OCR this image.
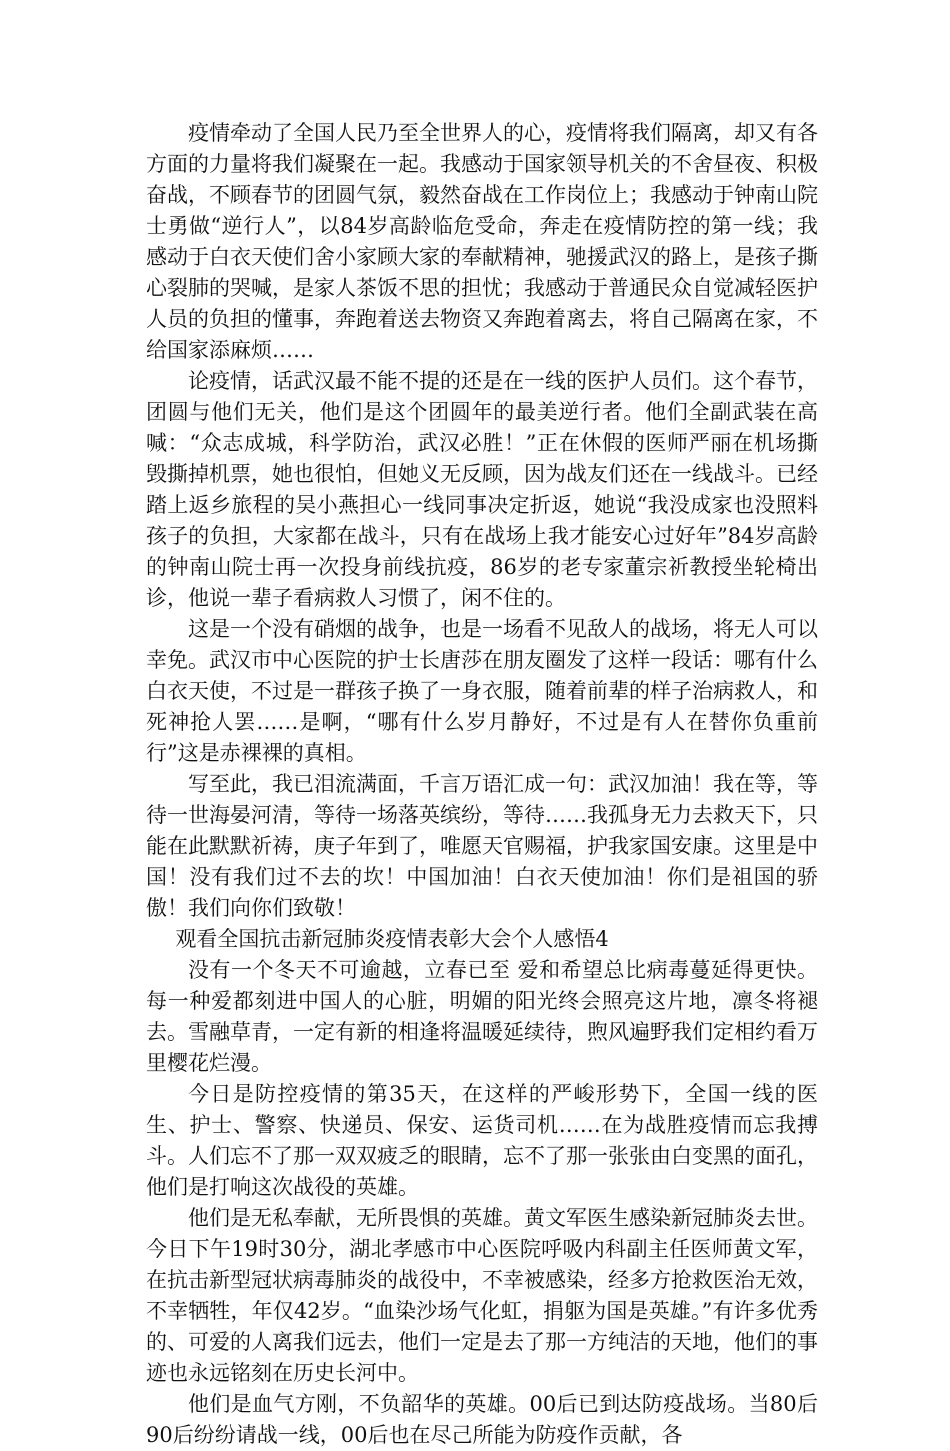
疫情牵动了全国人民乃至全世界人的心，疫情将我们隔离，却又有各方面的力量将我们凝聚在一起。我感动于国家领导机关的不舍昼夜、积极奋战，不顾春节的团圆气氛，毅然奋战在工作岗位上；我感动于钟南山院士勇做“逆行人”，以84岁高龄临危受命，奔走在疫情防控的第一线；我感动于白衣天使们舍小家顾大家的奉献精神，驰援武汉的路上，是孩子撕心裂肺的哭喊，是家人茶饭不思的担忧；我感动于普通民众自觉减轻医护人员的负担的懂事，奔跑着送去物资又奔跑着离去，将自己隔离在家，不给国家添麻烦……

论疫情，话武汉最不能不提的还是在一线的医护人员们。这个春节，团圆与他们无关，他们是这个团圆年的最美逆行者。他们全副武装在高喊：“众志成城，科学防治，武汉必胜！”正在休假的医师严丽在机场撕毁撕掉机票，她也很怕，但她义无反顾，因为战友们还在一线战斗。已经踏上返乡旅程的吴小燕担心一线同事决定折返，她说“我没成家也没照料孩子的负担，大家都在战斗，只有在战场上我才能安心过好年”84岁高龄的钟南山院士再一次投身前线抗疫，86岁的老专家董宗祈教授坐轮椅出诊，他说一辈子看病救人习惯了，闲不住的。

这是一个没有硝烟的战争，也是一场看不见敌人的战场，将无人可以幸免。武汉市中心医院的护士长唐莎在朋友圈发了这样一段话：哪有什么白衣天使，不过是一群孩子换了一身衣服，随着前辈的样子治病救人，和死神抢人罢……是啊，“哪有什么岁月静好，不过是有人在替你负重前行”这是赤裸裸的真相。

写至此，我已泪流满面，千言万语汇成一句：武汉加油！我在等，等待一世海晏河清，等待一场落英缤纷，等待……我孤身无力去救天下，只能在此默默祈祷，庚子年到了，唯愿天官赐福，护我家国安康。这里是中国！没有我们过不去的坎！中国加油！白衣天使加油！你们是祖国的骄傲！我们向你们致敬！

观看全国抗击新冠肺炎疫情表彰大会个人感悟4

没有一个冬天不可逾越，立春已至 爱和希望总比病毒蔓延得更快。每一种爱都刻进中国人的心脏，明媚的阳光终会照亮这片地，凛冬将褪去。雪融草青，一定有新的相逢将温暖延续待，煦风遍野我们定相约看万里樱花烂漫。

今日是防控疫情的第35天，在这样的严峻形势下，全国一线的医生、护士、警察、快递员、保安、运货司机……在为战胜疫情而忘我搏斗。人们忘不了那一双双疲乏的眼睛，忘不了那一张张由白变黑的面孔，他们是打响这次战役的英雄。

他们是无私奉献，无所畏惧的英雄。黄文军医生感染新冠肺炎去世。今日下午19时30分，湖北孝感市中心医院呼吸内科副主任医师黄文军，在抗击新型冠状病毒肺炎的战役中，不幸被感染，经多方抢救医治无效，不幸牺牲，年仅42岁。“血染沙场气化虹，捐躯为国是英雄。”有许多优秀的、可爱的人离我们远去，他们一定是去了那一方纯洁的天地，他们的事迹也永远铭刻在历史长河中。

他们是血气方刚，不负韶华的英雄。00后已到达防疫战场。当80后90后纷纷请战一线，00后也在尽己所能为防疫作贡献，各
